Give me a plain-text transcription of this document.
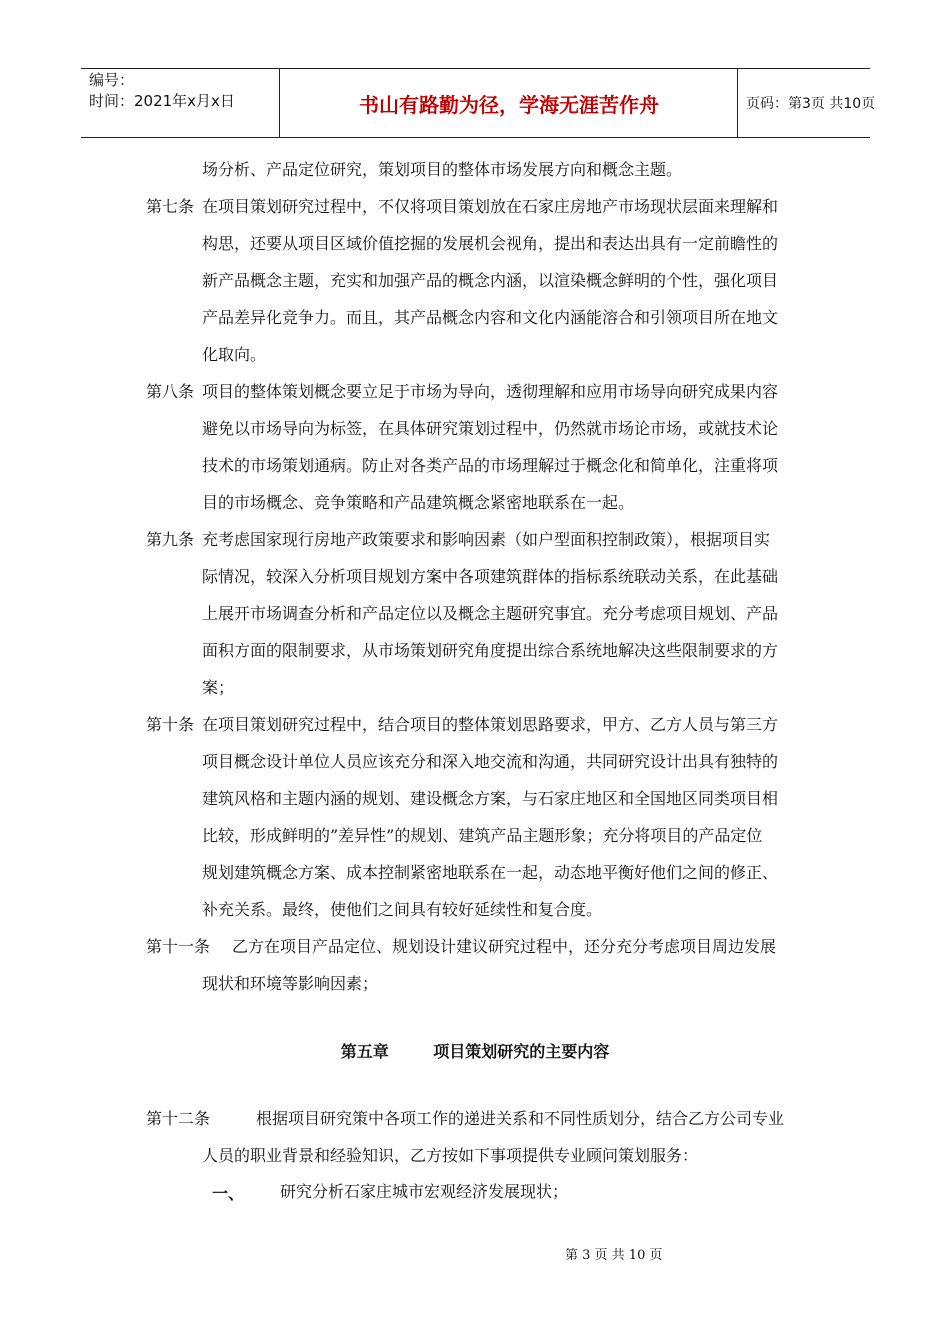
编号：
时间：2021年x月x日	书山有路勤为径，学海无涯苦作舟	页码：第3页 共10页
场分析、产品定位研究，策划项目的整体市场发展方向和概念主题。
第七条 在项目策划研究过程中，不仅将项目策划放在石家庄房地产市场现状层面来理解和
构思，还要从项目区域价值挖掘的发展机会视角，提出和表达出具有一定前瞻性的
新产品概念主题，充实和加强产品的概念内涵，以渲染概念鲜明的个性，强化项目
产品差异化竞争力。而且，其产品概念内容和文化内涵能溶合和引领项目所在地文
化取向。
第八条 项目的整体策划概念要立足于市场为导向，透彻理解和应用市场导向研究成果内容
避免以市场导向为标签，在具体研究策划过程中，仍然就市场论市场，或就技术论
技术的市场策划通病。防止对各类产品的市场理解过于概念化和简单化，注重将项
目的市场概念、竞争策略和产品建筑概念紧密地联系在一起。
第九条 充考虑国家现行房地产政策要求和影响因素（如户型面积控制政策），根据项目实
际情况，较深入分析项目规划方案中各项建筑群体的指标系统联动关系，在此基础
上展开市场调查分析和产品定位以及概念主题研究事宜。充分考虑项目规划、产品
面积方面的限制要求，从市场策划研究角度提出综合系统地解决这些限制要求的方
案；
第十条 在项目策划研究过程中，结合项目的整体策划思路要求，甲方、乙方人员与第三方
项目概念设计单位人员应该充分和深入地交流和沟通，共同研究设计出具有独特的
建筑风格和主题内涵的规划、建设概念方案，与石家庄地区和全国地区同类项目相
比较，形成鲜明的”差异性”的规划、建筑产品主题形象；充分将项目的产品定位
规划建筑概念方案、成本控制紧密地联系在一起，动态地平衡好他们之间的修正、
补充关系。最终，使他们之间具有较好延续性和复合度。
第十一条 乙方在项目产品定位、规划设计建议研究过程中，还分充分考虑项目周边发展
现状和环境等影响因素；
第五章        项目策划研究的主要内容
第十二条	根据项目研究策中各项工作的递进关系和不同性质划分，结合乙方公司专业
人员的职业背景和经验知识，乙方按如下事项提供专业顾问策划服务：
一、 研究分析石家庄城市宏观经济发展现状；
第 3 页 共 10 页
